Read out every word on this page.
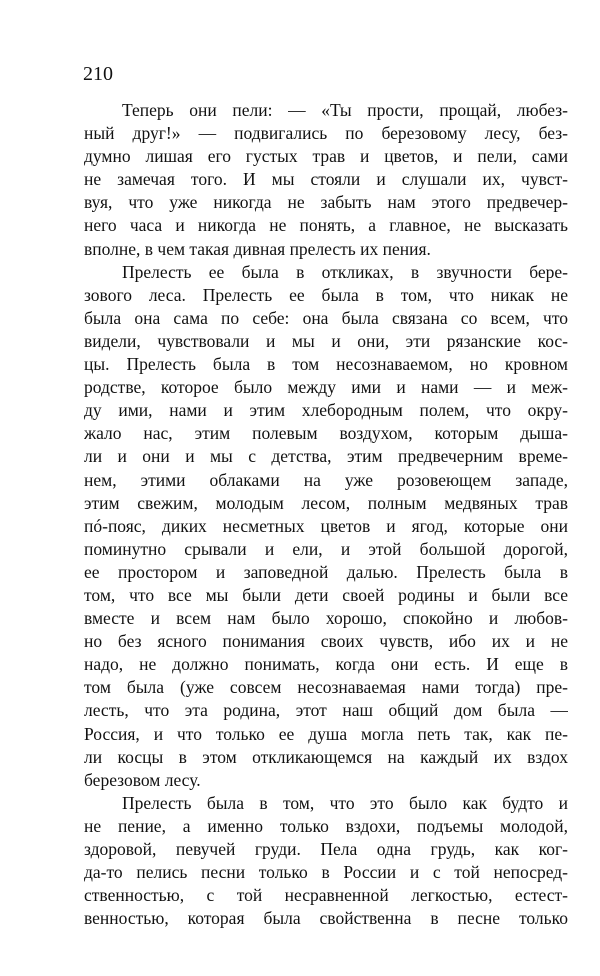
210
Теперь они пели: — «Ты прости, прощай, любез-
ный друг!» — подвигались по березовому лесу, без-
думно лишая его густых трав и цветов, и пели, сами
не замечая того. И мы стояли и слушали их, чувст-
вуя, что уже никогда не забыть нам этого предвечер-
него часа и никогда не понять, а главное, не высказать
вполне, в чем такая дивная прелесть их пения.
Прелесть ее была в откликах, в звучности бере-
зового леса. Прелесть ее была в том, что никак не
была она сама по себе: она была связана со всем, что
видели, чувствовали и мы и они, эти рязанские кос-
цы. Прелесть была в том несознаваемом, но кровном
родстве, которое было между ими и нами — и меж-
ду ими, нами и этим хлебородным полем, что окру-
жало нас, этим полевым воздухом, которым дыша-
ли и они и мы с детства, этим предвечерним време-
нем, этими облаками на уже розовеющем западе,
этим свежим, молодым лесом, полным медвяных трав
пó-пояс, диких несметных цветов и ягод, которые они
поминутно срывали и ели, и этой большой дорогой,
ее простором и заповедной далью. Прелесть была в
том, что все мы были дети своей родины и были все
вместе и всем нам было хорошо, спокойно и любов-
но без ясного понимания своих чувств, ибо их и не
надо, не должно понимать, когда они есть. И еще в
том была (уже совсем несознаваемая нами тогда) пре-
лесть, что эта родина, этот наш общий дом была —
Россия, и что только ее душа могла петь так, как пе-
ли косцы в этом откликающемся на каждый их вздох
березовом лесу.
Прелесть была в том, что это было как будто и
не пение, а именно только вздохи, подъемы молодой,
здоровой, певучей груди. Пела одна грудь, как ког-
да-то пелись песни только в России и с той непосред-
ственностью, с той несравненной легкостью, естест-
венностью, которая была свойственна в песне только
